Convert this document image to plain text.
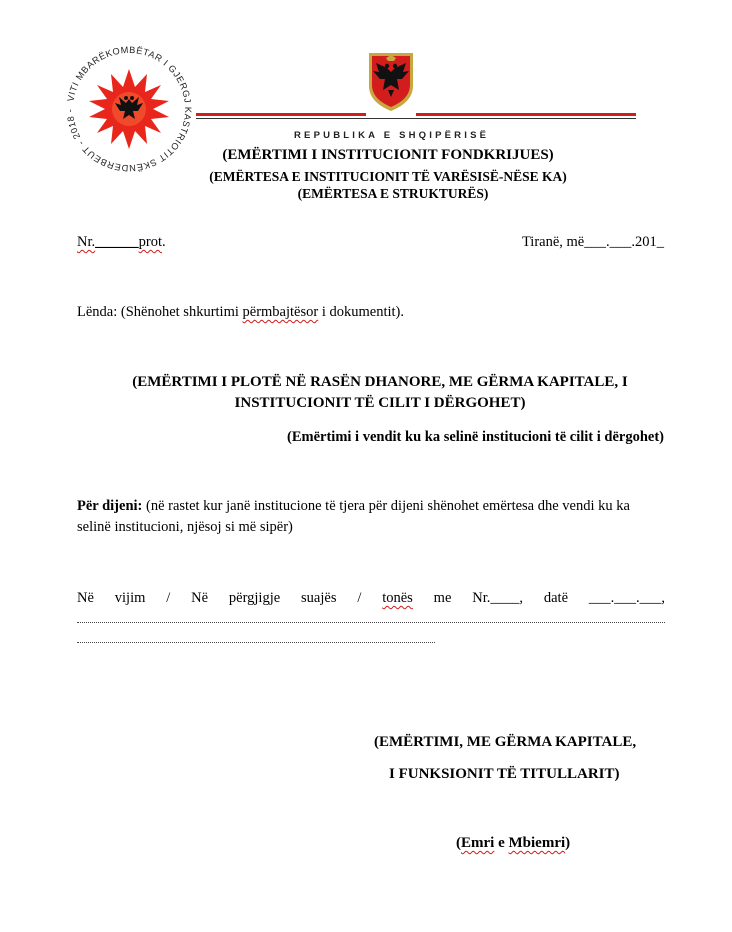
VITI MBARËKOMBËTAR I GJERGJ KASTRIOTIT SKËNDERBEUT - 2018 -
REPUBLIKA E SHQIPËRISË
(EMËRTIMI I INSTITUCIONIT FONDKRIJUES)
(EMËRTESA E INSTITUCIONIT TË VARËSISË-NËSE KA)
(EMËRTESA E STRUKTURËS)
Nr.______prot.	Tiranë, më___.___.201_
Lënda: (Shënohet shkurtimi përmbajtësor i dokumentit).
(EMËRTIMI I PLOTË NË RASËN DHANORE, ME GËRMA KAPITALE, I
INSTITUCIONIT TË CILIT I DËRGOHET)
(Emërtimi i vendit ku ka selinë institucioni të cilit i dërgohet)
Për dijeni: (në rastet kur janë institucione të tjera për dijeni shënohet emërtesa dhe vendi ku ka selinë institucioni, njësoj si më sipër)
Në vijim / Në përgjigje suajës / tonës me Nr.____, datë ___.___.___,
(EMËRTIMI, ME GËRMA KAPITALE,
I FUNKSIONIT TË TITULLARIT)
(Emri e Mbiemri)
